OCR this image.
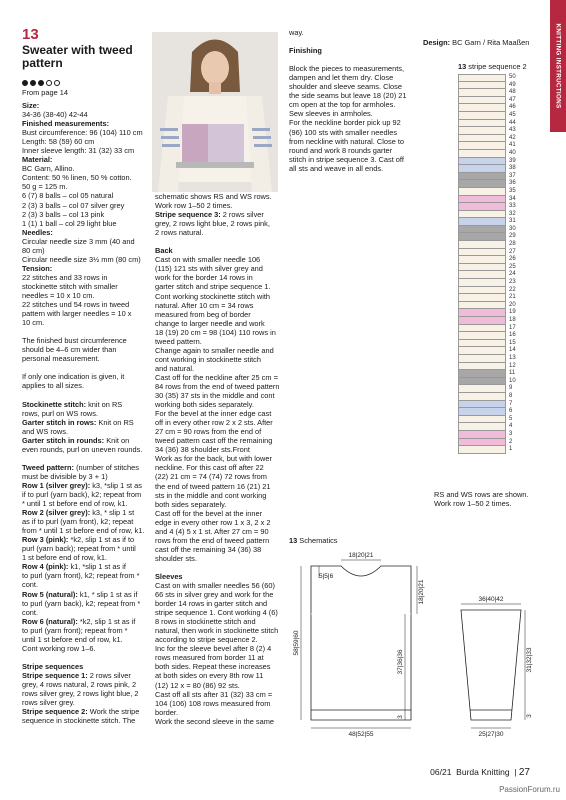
KNITTING INSTRUCTIONS
13
Sweater with tweed pattern
From page 14

Size:

34-36 (38-40) 42-44

Finished measurements:

Bust circumference: 96 (104) 110 cm

Length: 58 (59) 60 cm

Inner sleeve length: 31 (32) 33 cm

Material:

BC Garn, Allino.

Content: 50 % linen, 50 % cotton.

50 g = 125 m.

6 (7) 8 balls – col 05 natural

2 (3) 3 balls – col 07 silver grey

2 (3) 3 balls – col 13 pink

1 (1) 1 ball – col 29 light blue

Needles:

Circular needle size 3 mm (40 and

80 cm)

Circular needle size 3½ mm (80 cm)

Tension:

22 stitches and 33 rows in

stockinette stitch with smaller

needles = 10 x 10 cm.

22 stitches und 54 rows in tweed

pattern with larger needles = 10 x

10 cm.

The finished bust circumference

should be 4–6 cm wider than

personal measurement.

If only one indication is given, it

applies to all sizes.

Stockinette stitch: knit on RS

rows, purl on WS rows.

Garter stitch in rows: Knit on RS

and WS rows.

Garter stitch in rounds: Knit on

even rounds, purl on uneven rounds.

Tweed pattern: (number of stitches

must be divisible by 3 + 1)

Row 1 (silver grey): k3, *slip 1 st as

if to purl (yarn back), k2; repeat from

* until 1 st before end of row, k1.

Row 2 (silver grey): k3, * slip 1 st

as if to purl (yarn front), k2; repeat

from * until 1 st before end of row, k1.

Row 3 (pink): *k2, slip 1 st as if to

purl (yarn back); repeat from * until

1 st before end of row, k1.

Row 4 (pink): k1, *slip 1 st as if

to purl (yarn front), k2; repeat from *

cont.

Row 5 (natural): k1, * slip 1 st as if

to purl (yarn back), k2; repeat from *

cont.

Row 6 (natural): *k2, slip 1 st as if

to purl (yarn front); repeat from *

until 1 st before end of row, k1.

Cont working row 1–6.

Stripe sequences

Stripe sequence 1: 2 rows silver

grey, 4 rows natural, 2 rows pink, 2

rows silver grey, 2 rows light blue, 2

rows silver grey.

Stripe sequence 2: Work the stripe

sequence in stockinette stitch. The

schematic shows RS and WS rows.

Work row 1–50 2 times.

Stripe sequence 3: 2 rows silver

grey, 2 rows light blue, 2 rows pink,

2 rows natural.

Back

Cast on with smaller needle 106

(115) 121 sts with silver grey and

work for the border 14 rows in

garter stitch and stripe sequence 1.

Cont working stockinette stitch with

natural. After 10 cm = 34 rows

measured from beg of border

change to larger needle and work

18 (19) 20 cm = 98 (104) 110 rows in

tweed pattern.

Change again to smaller needle and

cont working in stockinette stitch

and natural.

Cast off for the neckline after 25 cm =

84 rows from the end of tweed pattern

30 (35) 37 sts in the middle and cont

working both sides separately.

For the bevel at the inner edge cast

off in every other row 2 x 2 sts. After

27 cm = 90 rows from the end of

tweed pattern cast off the remaining

34 (36) 38 shoulder sts.Front

Work as for the back, but with lower

neckline. For this cast off after 22

(22) 21 cm = 74 (74) 72 rows from

the end of tweed pattern 16 (21) 21

sts in the middle and cont working

both sides separately.

Cast off for the bevel at the inner

edge in every other row 1 x 3, 2 x 2

and 4 (4) 5 x 1 st. After 27 cm = 90

rows from the end of tweed pattern

cast off the remaining 34 (36) 38

shoulder sts.

Sleeves

Cast on with smaller needles 56 (60)

66 sts in silver grey and work for the

border 14 rows in garter stitch and

stripe sequence 1. Cont working 4 (6)

8 rows in stockinette stitch and

natural, then work in stockinette stitch

according to stripe sequence 2.

Inc for the sleeve bevel after 8 (2) 4

rows measured from border 11 at

both sides. Repeat these increases

at both sides on every 8th row 11

(12) 12 x = 80 (86) 92 sts.

Cast off all sts after 31 (32) 33 cm =

104 (106) 108 rows measured from

border.

Work the second sleeve in the same

way.

Finishing

Block the pieces to measurements,

dampen and let them dry. Close

shoulder and sleeve seams. Close

the side seams but leave 18 (20) 21

cm open at the top for armholes.

Sew sleeves in armholes.

For the neckline border pick up 92

(96) 100 sts with smaller needles

from neckline with natural. Close to

round and work 8 rounds garter

stitch in stripe sequence 3. Cast off

all sts and weave in all ends.

Design: BC Garn / Rita Maaßen
13 stripe sequence 2
50
49
48
47
46
45
44
43
42
41
40
39
38
37
36
35
34
33
32
31
30
29
28
27
26
25
24
23
22
21
20
19
18
17
16
15
14
13
12
11
10
9
8
7
6
5
4
3
2
1
RS and WS rows are shown.
Work row 1–50 2 times.
13 Schematics
18|20|21
5|5|6
18|20|21
58|59|60
37|36|36
3
48|52|55
36|40|42
31|32|33
3
25|27|30
06/21 Burda Knitting  | 27
PassionForum.ru
